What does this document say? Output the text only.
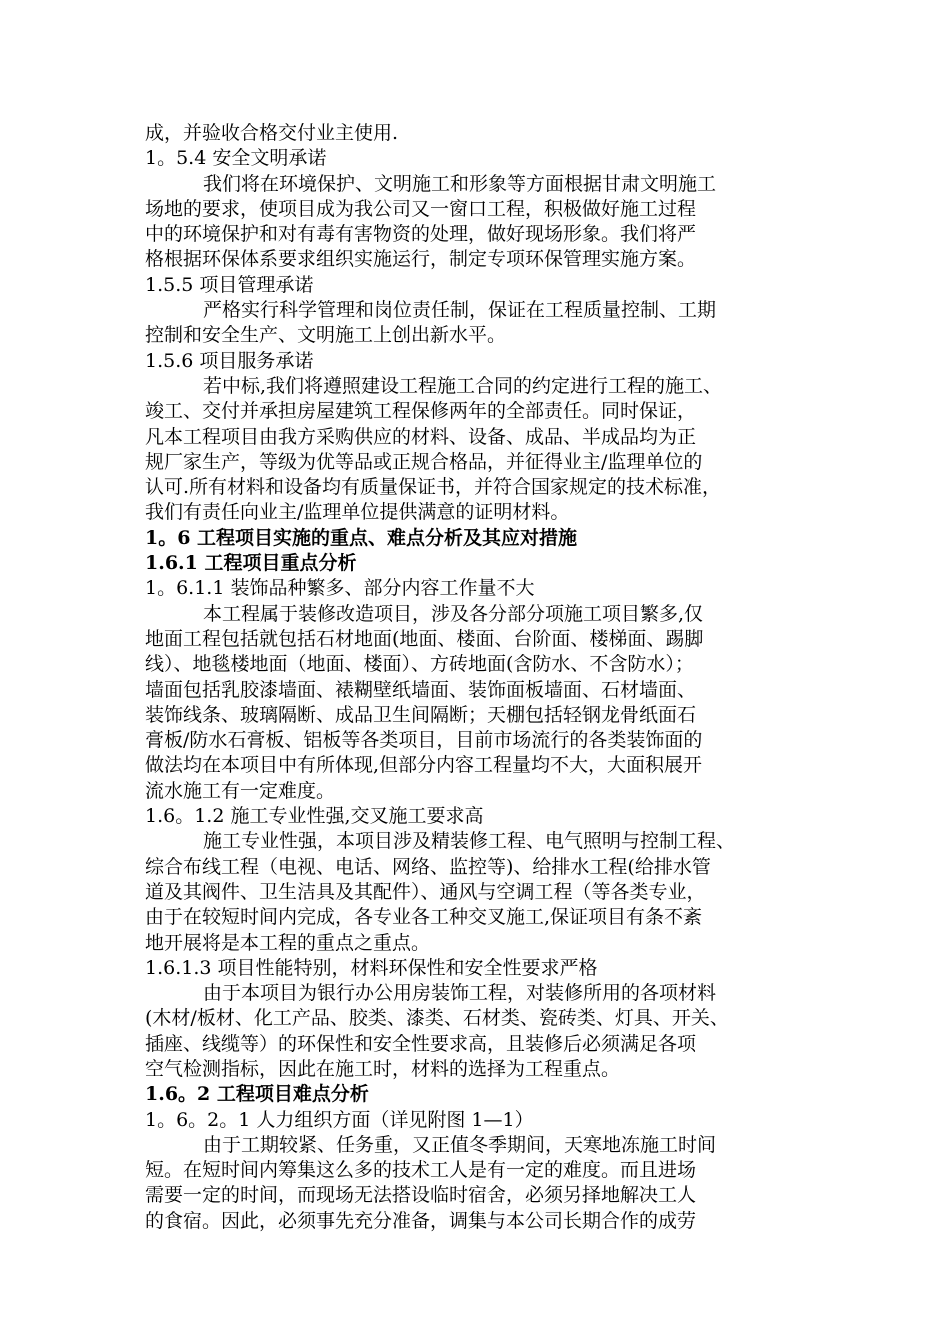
成，并验收合格交付业主使用.
1。5.4 安全文明承诺
我们将在环境保护、文明施工和形象等方面根据甘肃文明施工
场地的要求，使项目成为我公司又一窗口工程，积极做好施工过程
中的环境保护和对有毒有害物资的处理，做好现场形象。我们将严
格根据环保体系要求组织实施运行，制定专项环保管理实施方案。
1.5.5 项目管理承诺
严格实行科学管理和岗位责任制，保证在工程质量控制、工期
控制和安全生产、文明施工上创出新水平。
1.5.6 项目服务承诺
若中标,我们将遵照建设工程施工合同的约定进行工程的施工、
竣工、交付并承担房屋建筑工程保修两年的全部责任。同时保证，
凡本工程项目由我方采购供应的材料、设备、成品、半成品均为正
规厂家生产，等级为优等品或正规合格品，并征得业主/监理单位的
认可.所有材料和设备均有质量保证书，并符合国家规定的技术标准，
我们有责任向业主/监理单位提供满意的证明材料。
1。6 工程项目实施的重点、难点分析及其应对措施
1.6.1 工程项目重点分析
1。6.1.1 装饰品种繁多、部分内容工作量不大
本工程属于装修改造项目，涉及各分部分项施工项目繁多,仅
地面工程包括就包括石材地面(地面、楼面、台阶面、楼梯面、踢脚
线）、地毯楼地面（地面、楼面）、方砖地面(含防水、不含防水）；
墙面包括乳胶漆墙面、裱糊壁纸墙面、装饰面板墙面、石材墙面、
装饰线条、玻璃隔断、成品卫生间隔断；天棚包括轻钢龙骨纸面石
膏板/防水石膏板、铝板等各类项目，目前市场流行的各类装饰面的
做法均在本项目中有所体现,但部分内容工程量均不大，大面积展开
流水施工有一定难度。
1.6。1.2 施工专业性强,交叉施工要求高
施工专业性强，本项目涉及精装修工程、电气照明与控制工程、
综合布线工程（电视、电话、网络、监控等)、给排水工程(给排水管
道及其阀件、卫生洁具及其配件）、通风与空调工程（等各类专业，
由于在较短时间内完成，各专业各工种交叉施工,保证项目有条不紊
地开展将是本工程的重点之重点。
1.6.1.3 项目性能特别，材料环保性和安全性要求严格
由于本项目为银行办公用房装饰工程，对装修所用的各项材料
(木材/板材、化工产品、胶类、漆类、石材类、瓷砖类、灯具、开关、
插座、线缆等）的环保性和安全性要求高，且装修后必须满足各项
空气检测指标，因此在施工时，材料的选择为工程重点。
1.6。2 工程项目难点分析
1。6。2。1 人力组织方面（详见附图 1—1）
由于工期较紧、任务重，又正值冬季期间，天寒地冻施工时间
短。在短时间内筹集这么多的技术工人是有一定的难度。而且进场
需要一定的时间，而现场无法搭设临时宿舍，必须另择地解决工人
的食宿。因此，必须事先充分准备，调集与本公司长期合作的成劳
